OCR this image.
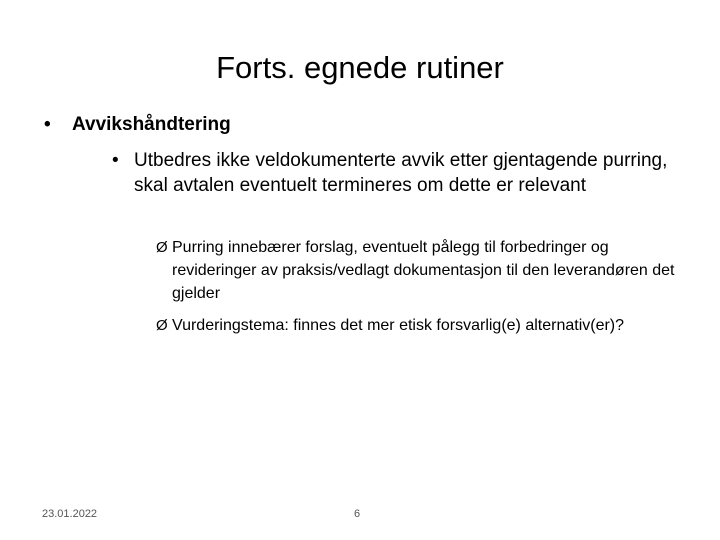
Forts. egnede rutiner
•	Avvikshåndtering
• Utbedres ikke veldokumenterte avvik etter gjentagende purring, skal avtalen eventuelt termineres om dette er relevant
Ø Purring innebærer forslag, eventuelt pålegg til forbedringer og revideringer av praksis/vedlagt dokumentasjon til den leverandøren det gjelder
Ø Vurderingstema: finnes det mer etisk forsvarlig(e) alternativ(er)?
23.01.2022	6
